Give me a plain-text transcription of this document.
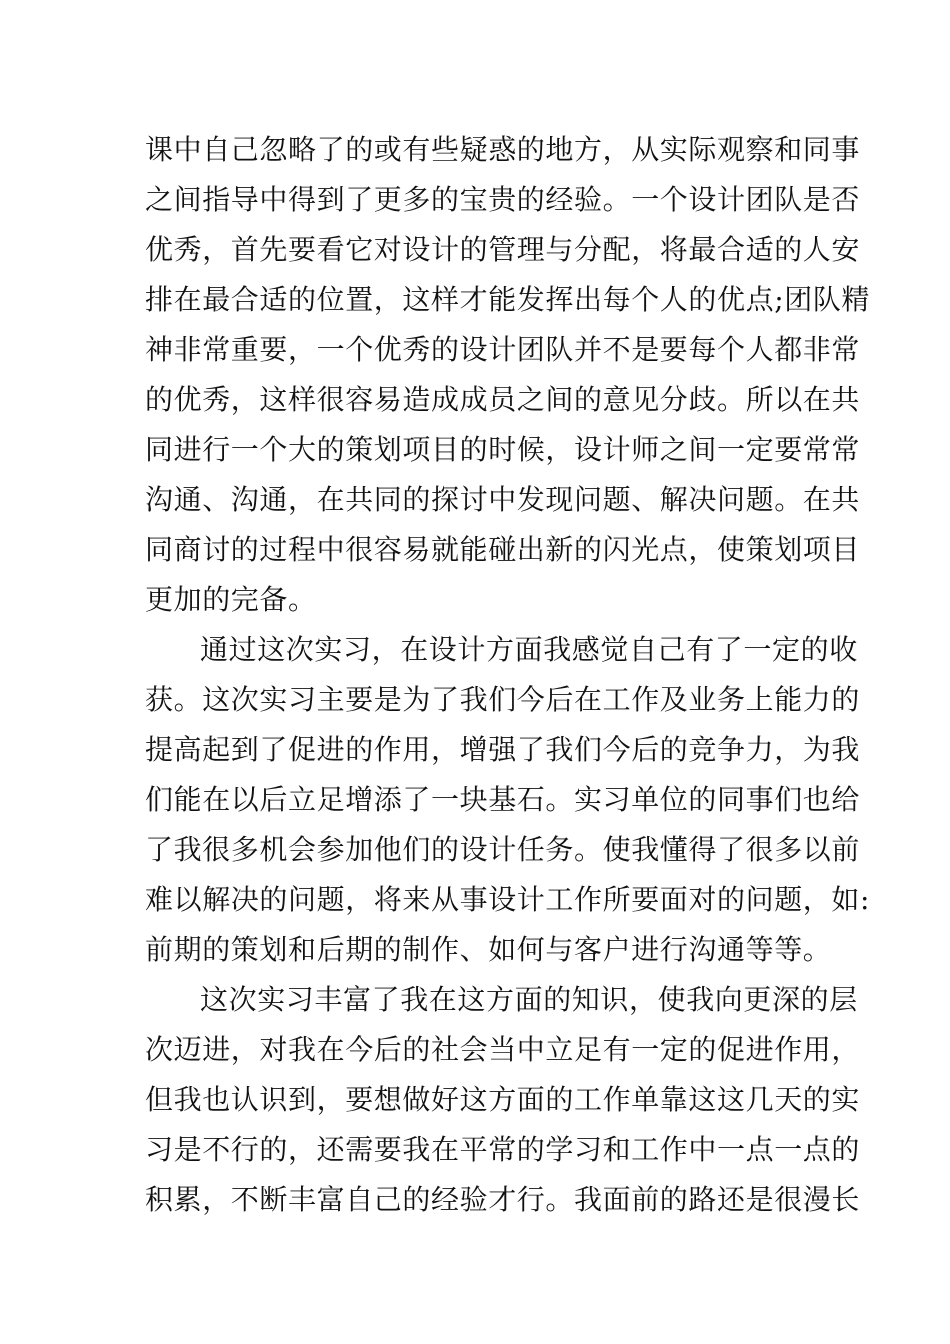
课中自己忽略了的或有些疑惑的地方，从实际观察和同事
之间指导中得到了更多的宝贵的经验。一个设计团队是否
优秀，首先要看它对设计的管理与分配，将最合适的人安
排在最合适的位置，这样才能发挥出每个人的优点;团队精
神非常重要，一个优秀的设计团队并不是要每个人都非常
的优秀，这样很容易造成成员之间的意见分歧。所以在共
同进行一个大的策划项目的时候，设计师之间一定要常常
沟通、沟通，在共同的探讨中发现问题、解决问题。在共
同商讨的过程中很容易就能碰出新的闪光点，使策划项目
更加的完备。
通过这次实习，在设计方面我感觉自己有了一定的收
获。这次实习主要是为了我们今后在工作及业务上能力的
提高起到了促进的作用，增强了我们今后的竞争力，为我
们能在以后立足增添了一块基石。实习单位的同事们也给
了我很多机会参加他们的设计任务。使我懂得了很多以前
难以解决的问题，将来从事设计工作所要面对的问题，如:
前期的策划和后期的制作、如何与客户进行沟通等等。
这次实习丰富了我在这方面的知识，使我向更深的层
次迈进，对我在今后的社会当中立足有一定的促进作用，
但我也认识到，要想做好这方面的工作单靠这这几天的实
习是不行的，还需要我在平常的学习和工作中一点一点的
积累，不断丰富自己的经验才行。我面前的路还是很漫长
